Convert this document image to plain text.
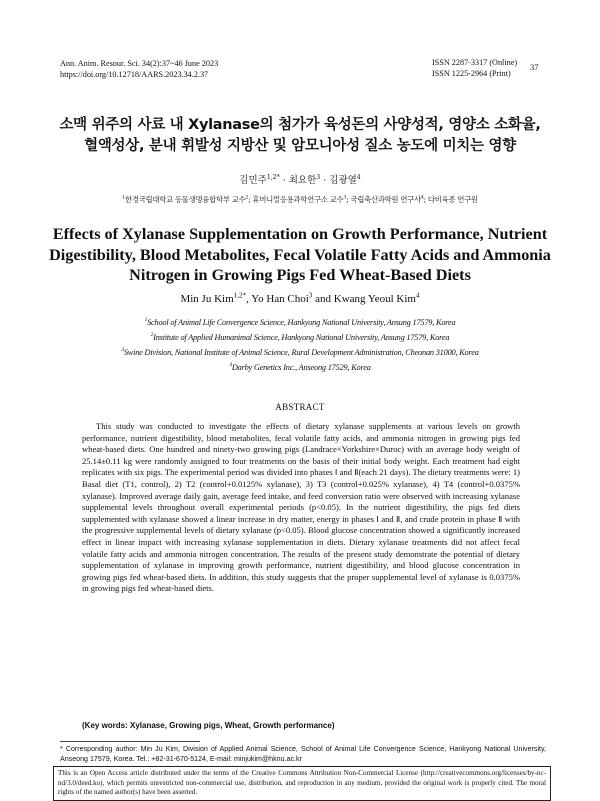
Ann. Anim. Resour. Sci. 34(2):37~46 June 2023
https://doi.org/10.12718/AARS.2023.34.2.37
ISSN 2287-3317 (Online)
ISSN 1225-2964 (Print)
37
소맥 위주의 사료 내 Xylanase의 첨가가 육성돈의 사양성적, 영양소 소화율,
혈액성상, 분내 휘발성 지방산 및 암모니아성 질소 농도에 미치는 영향
김민주$^{1,2*}$ · 최요한$^3$ · 김광열$^4$
$^1$한경국립대학교 동물생명융합학부 교수$^2$; 휴머니멀응용과학연구소 교수$^3$; 국립축산과학원 연구사$^4$; 다비육종 연구원
Effects of Xylanase Supplementation on Growth Performance, Nutrient
Digestibility, Blood Metabolites, Fecal Volatile Fatty Acids and Ammonia
Nitrogen in Growing Pigs Fed Wheat-Based Diets
Min Ju Kim$^{1,2*}$, Yo Han Choi$^3$ and Kwang Yeoul Kim$^4$
$^1$School of Animal Life Convergence Science, Hankyong National University, Ansung 17579, Korea
$^2$Institute of Applied Humanimal Science, Hankyong National University, Ansung 17579, Korea
$^3$Swine Division, National Institute of Animal Science, Rural Development Administration, Cheonan 31000, Korea
$^4$Darby Genetics Inc., Anseong 17529, Korea
ABSTRACT
This study was conducted to investigate the effects of dietary xylanase supplements at various levels on growth performance, nutrient digestibility, blood metabolites, fecal volatile fatty acids, and ammonia nitrogen in growing pigs fed wheat-based diets. One hundred and ninety-two growing pigs (Landrace×Yorkshire×Duroc) with an average body weight of 25.14±0.11 kg were randomly assigned to four treatments on the basis of their initial body weight. Each treatment had eight replicates with six pigs. The experimental period was divided into phases Ⅰ and Ⅱ(each 21 days). The dietary treatments were: 1) Basal diet (T1, control), 2) T2 (control+0.0125% xylanase), 3) T3 (control+0.025% xylanase), 4) T4 (control+0.0375% xylanase). Improved average daily gain, average feed intake, and feed conversion ratio were observed with increasing xylanase supplemental levels throughout overall experimental periods (p<0.05). In the nutrient digestibility, the pigs fed diets supplemented with xylanase showed a linear increase in dry matter, energy in phases Ⅰ and Ⅱ, and crude protein in phase Ⅱ with the progressive supplemental levels of dietary xylanase (p<0.05). Blood glucose concentration showed a significantly increased effect in linear impact with increasing xylanase supplementation in diets. Dietary xylanase treatments did not affect fecal volatile fatty acids and ammonia nitrogen concentration. The results of the present study demonstrate the potential of dietary supplementation of xylanase in improving growth performance, nutrient digestibility, and blood glucose concentration in growing pigs fed wheat-based diets. In addition, this study suggests that the proper supplemental level of xylanase is 0.0375% in growing pigs fed wheat-based diets.
(Key words: Xylanase, Growing pigs, Wheat, Growth performance)
* Corresponding author: Min Ju Kim, Division of Applied Animal Science, School of Animal Life Convergence Science, Hankyong National University, Anseong 17579, Korea. Tel.: +82-31-670-5124, E-mail: minjukim@hknu.ac.kr
This is an Open Access article distributed under the terms of the Creative Commons Attribution Non-Commercial License (http://creativecommons.org/licenses/by-nc-nd/3.0/deed.ko), which permits unrestricted non-commercial use, distribution, and reproduction in any medium, provided the original work is properly cited. The moral rights of the named author(s) have been asserted.
